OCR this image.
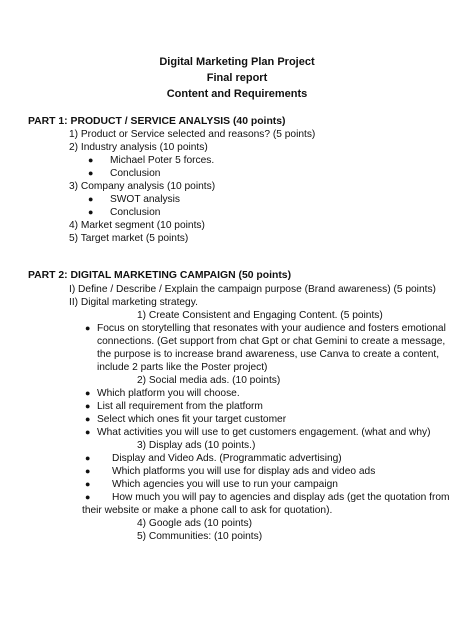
Digital Marketing Plan Project
Final report
Content and Requirements
PART 1: PRODUCT / SERVICE ANALYSIS (40 points)
1) Product or Service selected and reasons? (5 points)
2) Industry analysis (10 points)
● Michael Poter 5 forces.
● Conclusion
3) Company analysis (10 points)
● SWOT analysis
● Conclusion
4) Market segment (10 points)
5) Target market (5 points)
PART 2: DIGITAL MARKETING CAMPAIGN (50 points)
I) Define / Describe / Explain the campaign purpose (Brand awareness) (5 points)
II) Digital marketing strategy.
1) Create Consistent and Engaging Content. (5 points)
● Focus on storytelling that resonates with your audience and fosters emotional
connections. (Get support from chat Gpt or chat Gemini to create a message,
the purpose is to increase brand awareness, use Canva to create a content,
include 2 parts like the Poster project)
2) Social media ads. (10 points)
● Which platform you will choose.
● List all requirement from the platform
● Select which ones fit your target customer
● What activities you will use to get customers engagement. (what and why)
3) Display ads (10 points.)
● Display and Video Ads. (Programmatic advertising)
● Which platforms you will use for display ads and video ads
● Which agencies you will use to run your campaign
● How much you will pay to agencies and display ads (get the quotation from
their website or make a phone call to ask for quotation).
4) Google ads (10 points)
5) Communities: (10 points)
